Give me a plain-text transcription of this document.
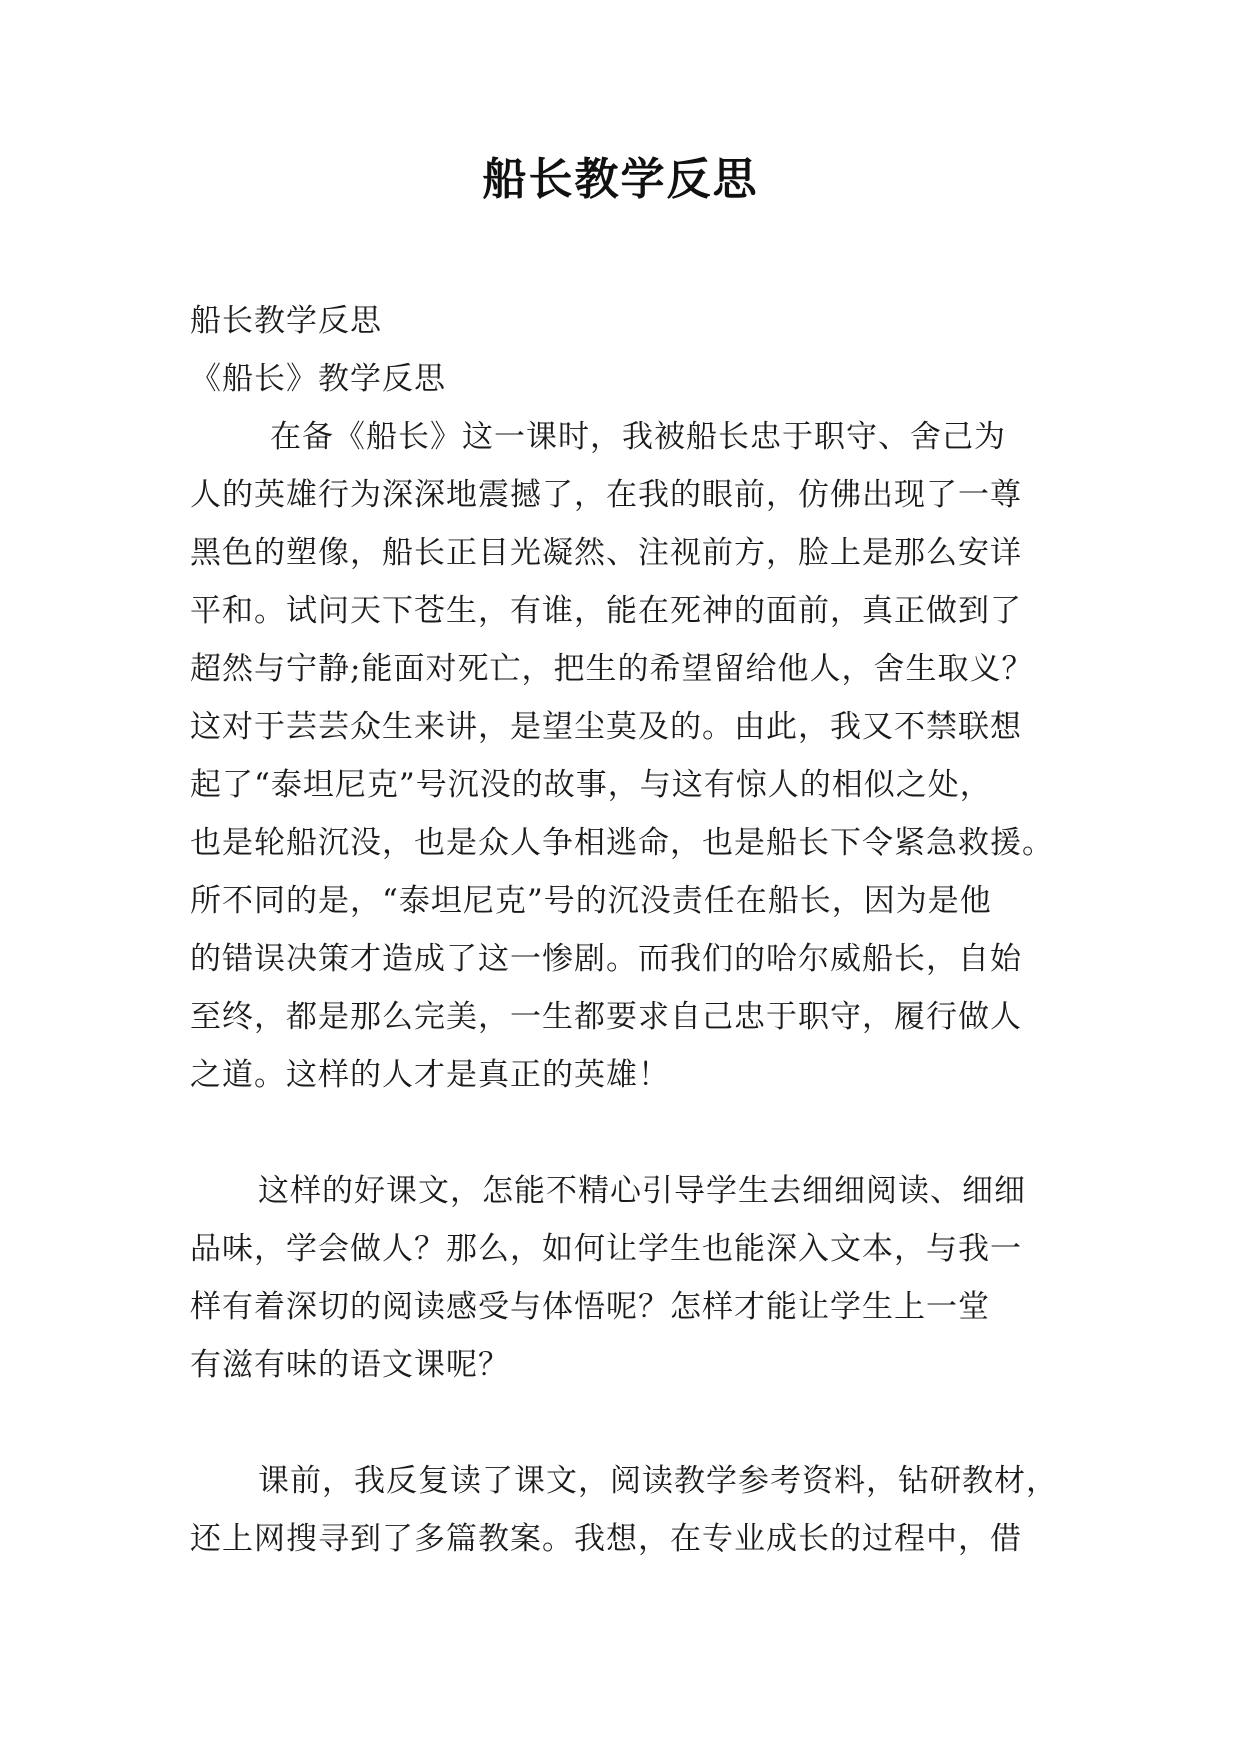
船长教学反思
船长教学反思
《船长》教学反思
在备《船长》这一课时，我被船长忠于职守、舍己为
人的英雄行为深深地震撼了，在我的眼前，仿佛出现了一尊
黑色的塑像，船长正目光凝然、注视前方，脸上是那么安详
平和。试问天下苍生，有谁，能在死神的面前，真正做到了
超然与宁静;能面对死亡，把生的希望留给他人，舍生取义？
这对于芸芸众生来讲，是望尘莫及的。由此，我又不禁联想
起了“泰坦尼克”号沉没的故事，与这有惊人的相似之处，
也是轮船沉没，也是众人争相逃命，也是船长下令紧急救援。
所不同的是，“泰坦尼克”号的沉没责任在船长，因为是他
的错误决策才造成了这一惨剧。而我们的哈尔威船长，自始
至终，都是那么完美，一生都要求自己忠于职守，履行做人
之道。这样的人才是真正的英雄！
这样的好课文，怎能不精心引导学生去细细阅读、细细
品味，学会做人？那么，如何让学生也能深入文本，与我一
样有着深切的阅读感受与体悟呢？怎样才能让学生上一堂
有滋有味的语文课呢？
课前，我反复读了课文，阅读教学参考资料，钻研教材，
还上网搜寻到了多篇教案。我想，在专业成长的过程中，借
